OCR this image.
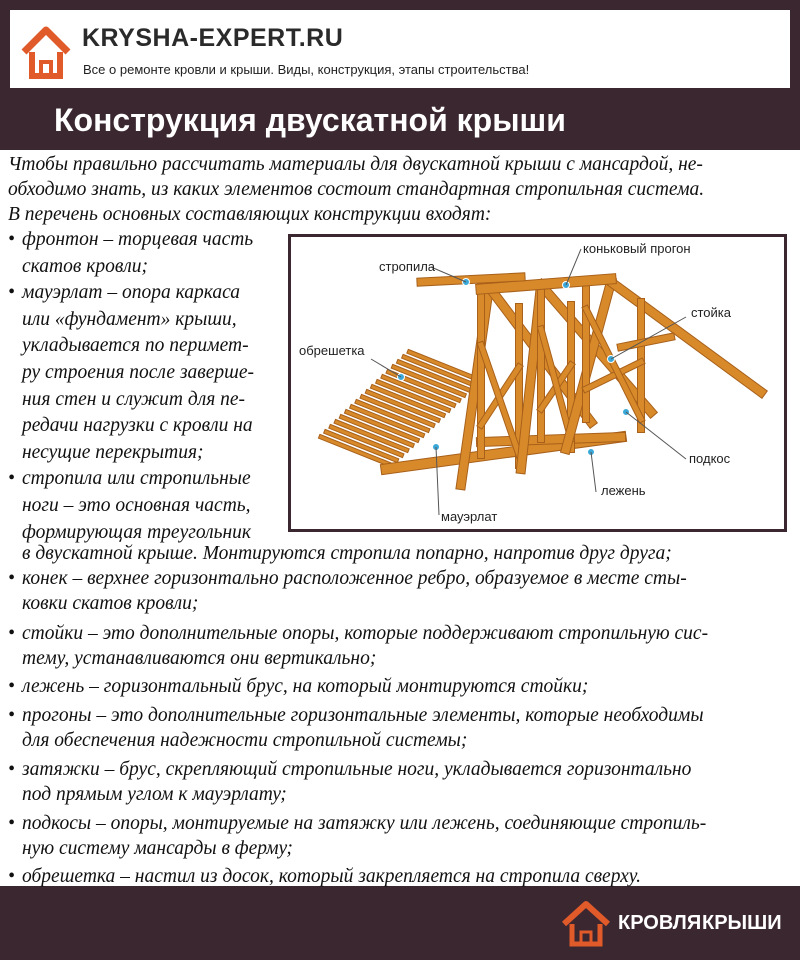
KRYSHA-EXPERT.RU
Все о ремонте кровли и крыши. Виды, конструкция, этапы строительства!
Конструкция двускатной крыши
Чтобы правильно рассчитать материалы для двускатной крыши с мансардой, не-
обходимо знать, из каких элементов состоит стандартная стропильная система.
В перечень основных составляющих конструкции входят:
• фронтон – торцевая часть
скатов кровли;
• мауэрлат – опора каркаса
или «фундамент» крыши,
укладывается по перимет-
ру строения после заверше-
ния стен и служит для пе-
редачи нагрузки с кровли на
несущие перекрытия;
• стропила или стропильные
ноги – это основная часть,
формирующая треугольник
в двускатной крыше. Монтируются стропила попарно, напротив друг друга;
• конек – верхнее горизонтально расположенное ребро, образуемое в месте сты-
ковки скатов кровли;
• стойки – это дополнительные опоры, которые поддерживают стропильную сис-
тему, устанавливаются они вертикально;
• лежень – горизонтальный брус, на который монтируются стойки;
• прогоны – это дополнительные горизонтальные элементы, которые необходимы
для обеспечения надежности стропильной системы;
• затяжки – брус, скрепляющий стропильные ноги, укладывается горизонтально
под прямым углом к мауэрлату;
• подкосы – опоры, монтируемые на затяжку или лежень, соединяющие стропиль-
ную систему мансарды в ферму;
• обрешетка – настил из досок, который закрепляется на стропила сверху.
стропила
коньковый прогон
стойка
обрешетка
подкос
лежень
мауэрлат
КРОВЛЯ КРЫШИ
